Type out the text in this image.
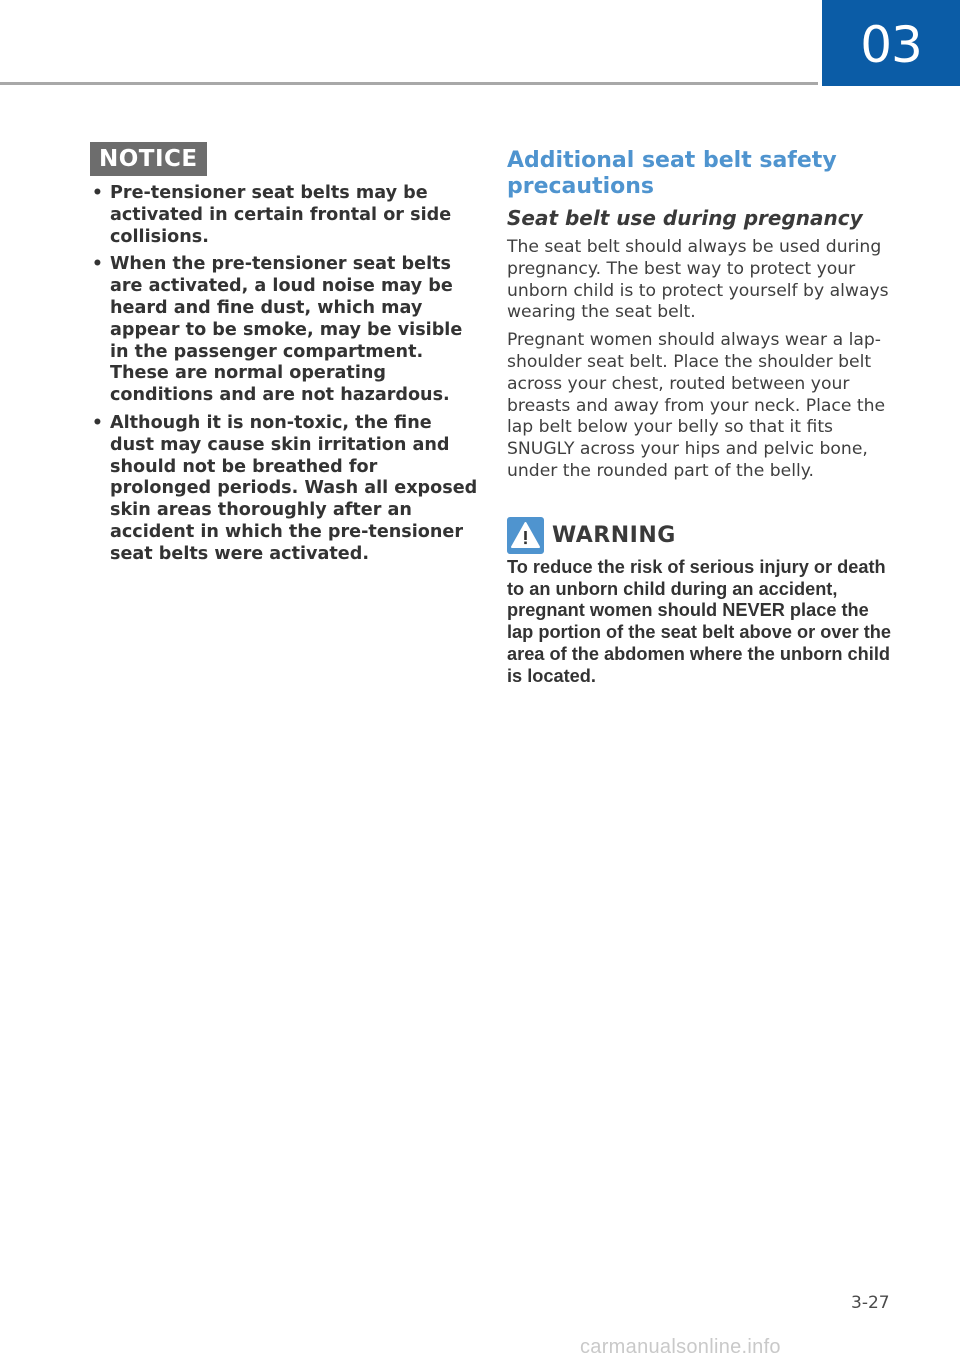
03
NOTICE
• Pre-tensioner seat belts may be activated in certain frontal or side collisions.
• When the pre-tensioner seat belts are activated, a loud noise may be heard and fine dust, which may appear to be smoke, may be visible in the passenger compartment. These are normal operating conditions and are not hazardous.
• Although it is non-toxic, the fine dust may cause skin irritation and should not be breathed for prolonged periods. Wash all exposed skin areas thoroughly after an accident in which the pre-tensioner seat belts were activated.
Additional seat belt safety precautions
Seat belt use during pregnancy

The seat belt should always be used during pregnancy. The best way to protect your unborn child is to protect yourself by always wearing the seat belt.

Pregnant women should always wear a lap-shoulder seat belt. Place the shoulder belt across your chest, routed between your breasts and away from your neck. Place the lap belt below your belly so that it fits SNUGLY across your hips and pelvic bone, under the rounded part of the belly.

WARNING

To reduce the risk of serious injury or death to an unborn child during an accident, pregnant women should NEVER place the lap portion of the seat belt above or over the area of the abdomen where the unborn child is located.

3-27
carmanualsonline.info
